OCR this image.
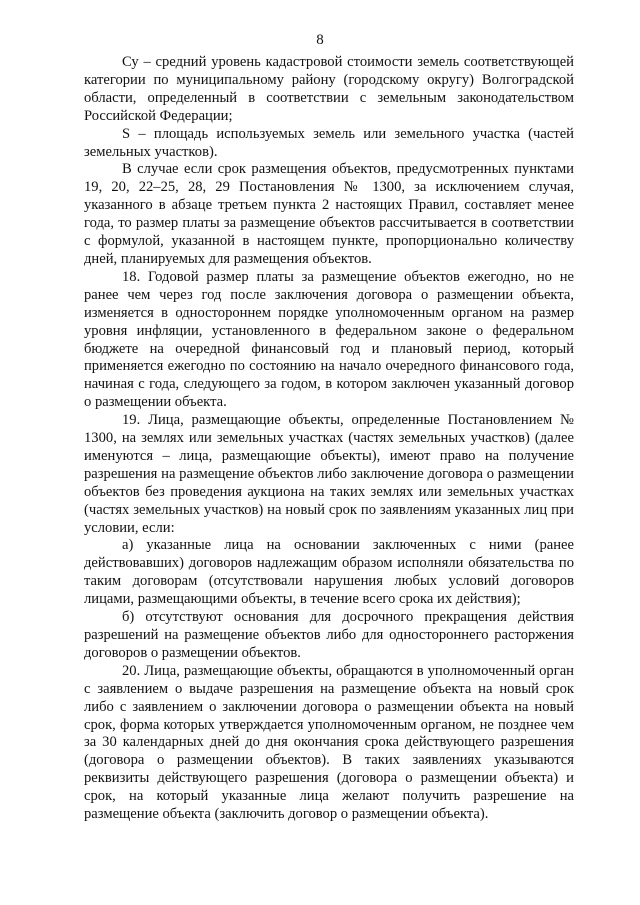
8

Су – средний уровень кадастровой стоимости земель соответствующей категории по муниципальному району (городскому округу) Волгоградской области, определенный в соответствии с земельным законодательством Российской Федерации;

S – площадь используемых земель или земельного участка (частей земельных участков).

В случае если срок размещения объектов, предусмотренных пунктами 19, 20, 22–25, 28, 29 Постановления № 1300, за исключением случая, указанного в абзаце третьем пункта 2 настоящих Правил, составляет менее года, то размер платы за размещение объектов рассчитывается в соответствии с формулой, указанной в настоящем пункте, пропорционально количеству дней, планируемых для размещения объектов.

18. Годовой размер платы за размещение объектов ежегодно, но не ранее чем через год после заключения договора о размещении объекта, изменяется в одностороннем порядке уполномоченным органом на размер уровня инфляции, установленного в федеральном законе о федеральном бюджете на очередной финансовый год и плановый период, который применяется ежегодно по состоянию на начало очередного финансового года, начиная с года, следующего за годом, в котором заключен указанный договор о размещении объекта.

19. Лица, размещающие объекты, определенные Постановлением № 1300, на землях или земельных участках (частях земельных участков) (далее именуются – лица, размещающие объекты), имеют право на получение разрешения на размещение объектов либо заключение договора о размещении объектов без проведения аукциона на таких землях или земельных участках (частях земельных участков) на новый срок по заявлениям указанных лиц при условии, если:

а) указанные лица на основании заключенных с ними (ранее действовавших) договоров надлежащим образом исполняли обязательства по таким договорам (отсутствовали нарушения любых условий договоров лицами, размещающими объекты, в течение всего срока их действия);

б) отсутствуют основания для досрочного прекращения действия разрешений на размещение объектов либо для одностороннего расторжения договоров о размещении объектов.

20. Лица, размещающие объекты, обращаются в уполномоченный орган с заявлением о выдаче разрешения на размещение объекта на новый срок либо с заявлением о заключении договора о размещении объекта на новый срок, форма которых утверждается уполномоченным органом, не позднее чем за 30 календарных дней до дня окончания срока действующего разрешения (договора о размещении объектов). В таких заявлениях указываются реквизиты действующего разрешения (договора о размещении объекта) и срок, на который указанные лица желают получить разрешение на размещение объекта (заключить договор о размещении объекта).
